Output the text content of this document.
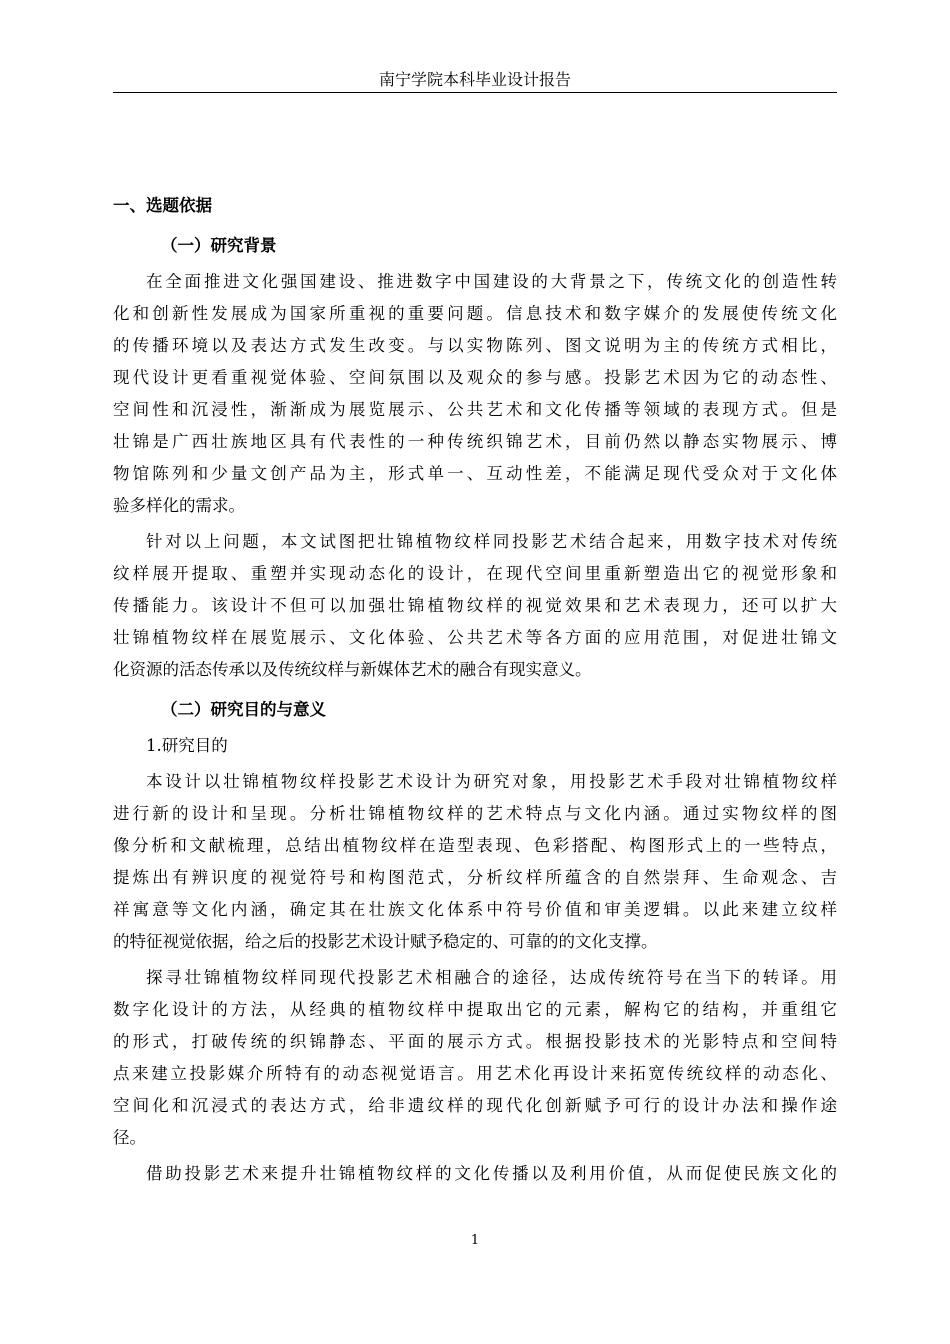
南宁学院本科毕业设计报告
一、选题依据
（一）研究背景
在全面推进文化强国建设、推进数字中国建设的大背景之下，传统文化的创造性转
化和创新性发展成为国家所重视的重要问题。信息技术和数字媒介的发展使传统文化
的传播环境以及表达方式发生改变。与以实物陈列、图文说明为主的传统方式相比，
现代设计更看重视觉体验、空间氛围以及观众的参与感。投影艺术因为它的动态性、
空间性和沉浸性，渐渐成为展览展示、公共艺术和文化传播等领域的表现方式。但是
壮锦是广西壮族地区具有代表性的一种传统织锦艺术，目前仍然以静态实物展示、博
物馆陈列和少量文创产品为主，形式单一、互动性差，不能满足现代受众对于文化体
验多样化的需求。
针对以上问题，本文试图把壮锦植物纹样同投影艺术结合起来，用数字技术对传统
纹样展开提取、重塑并实现动态化的设计，在现代空间里重新塑造出它的视觉形象和
传播能力。该设计不但可以加强壮锦植物纹样的视觉效果和艺术表现力，还可以扩大
壮锦植物纹样在展览展示、文化体验、公共艺术等各方面的应用范围，对促进壮锦文
化资源的活态传承以及传统纹样与新媒体艺术的融合有现实意义。
（二）研究目的与意义
1.研究目的
本设计以壮锦植物纹样投影艺术设计为研究对象，用投影艺术手段对壮锦植物纹样
进行新的设计和呈现。分析壮锦植物纹样的艺术特点与文化内涵。通过实物纹样的图
像分析和文献梳理，总结出植物纹样在造型表现、色彩搭配、构图形式上的一些特点，
提炼出有辨识度的视觉符号和构图范式，分析纹样所蕴含的自然崇拜、生命观念、吉
祥寓意等文化内涵，确定其在壮族文化体系中符号价值和审美逻辑。以此来建立纹样
的特征视觉依据，给之后的投影艺术设计赋予稳定的、可靠的的文化支撑。
探寻壮锦植物纹样同现代投影艺术相融合的途径，达成传统符号在当下的转译。用
数字化设计的方法，从经典的植物纹样中提取出它的元素，解构它的结构，并重组它
的形式，打破传统的织锦静态、平面的展示方式。根据投影技术的光影特点和空间特
点来建立投影媒介所特有的动态视觉语言。用艺术化再设计来拓宽传统纹样的动态化、
空间化和沉浸式的表达方式，给非遗纹样的现代化创新赋予可行的设计办法和操作途
径。
借助投影艺术来提升壮锦植物纹样的文化传播以及利用价值，从而促使民族文化的
1
